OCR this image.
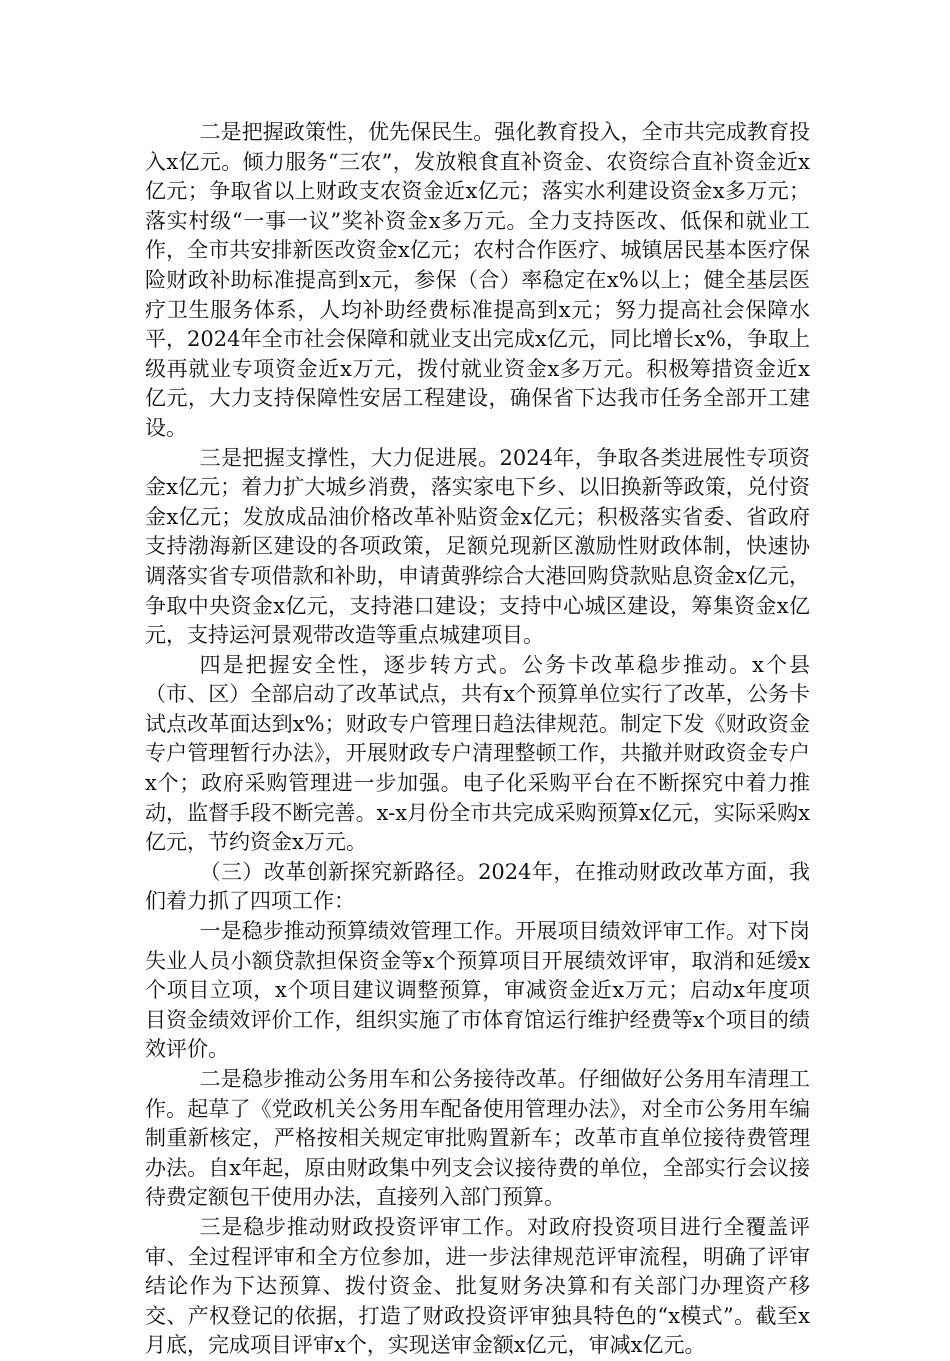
二是把握政策性，优先保民生。强化教育投入，全市共完成教育投入x亿元。倾力服务“三农”，发放粮食直补资金、农资综合直补资金近x亿元；争取省以上财政支农资金近x亿元；落实水利建设资金x多万元；落实村级“一事一议”奖补资金x多万元。全力支持医改、低保和就业工作，全市共安排新医改资金x亿元；农村合作医疗、城镇居民基本医疗保险财政补助标准提高到x元，参保（合）率稳定在x%以上；健全基层医疗卫生服务体系，人均补助经费标准提高到x元；努力提高社会保障水平，2024年全市社会保障和就业支出完成x亿元，同比增长x%，争取上级再就业专项资金近x万元，拨付就业资金x多万元。积极筹措资金近x亿元，大力支持保障性安居工程建设，确保省下达我市任务全部开工建设。

三是把握支撑性，大力促进展。2024年，争取各类进展性专项资金x亿元；着力扩大城乡消费，落实家电下乡、以旧换新等政策，兑付资金x亿元；发放成品油价格改革补贴资金x亿元；积极落实省委、省政府支持渤海新区建设的各项政策，足额兑现新区激励性财政体制，快速协调落实省专项借款和补助，申请黄骅综合大港回购贷款贴息资金x亿元，争取中央资金x亿元，支持港口建设；支持中心城区建设，筹集资金x亿元，支持运河景观带改造等重点城建项目。

四是把握安全性，逐步转方式。公务卡改革稳步推动。x个县（市、区）全部启动了改革试点，共有x个预算单位实行了改革，公务卡试点改革面达到x%；财政专户管理日趋法律规范。制定下发《财政资金专户管理暂行办法》，开展财政专户清理整顿工作，共撤并财政资金专户x个；政府采购管理进一步加强。电子化采购平台在不断探究中着力推动，监督手段不断完善。x-x月份全市共完成采购预算x亿元，实际采购x亿元，节约资金x万元。

（三）改革创新探究新路径。2024年，在推动财政改革方面，我们着力抓了四项工作：

一是稳步推动预算绩效管理工作。开展项目绩效评审工作。对下岗失业人员小额贷款担保资金等x个预算项目开展绩效评审，取消和延缓x个项目立项，x个项目建议调整预算，审减资金近x万元；启动x年度项目资金绩效评价工作，组织实施了市体育馆运行维护经费等x个项目的绩效评价。

二是稳步推动公务用车和公务接待改革。仔细做好公务用车清理工作。起草了《党政机关公务用车配备使用管理办法》，对全市公务用车编制重新核定，严格按相关规定审批购置新车；改革市直单位接待费管理办法。自x年起，原由财政集中列支会议接待费的单位，全部实行会议接待费定额包干使用办法，直接列入部门预算。

三是稳步推动财政投资评审工作。对政府投资项目进行全覆盖评审、全过程评审和全方位参加，进一步法律规范评审流程，明确了评审结论作为下达预算、拨付资金、批复财务决算和有关部门办理资产移交、产权登记的依据，打造了财政投资评审独具特色的“x模式”。截至x月底，完成项目评审x个，实现送审金额x亿元，审减x亿元。
